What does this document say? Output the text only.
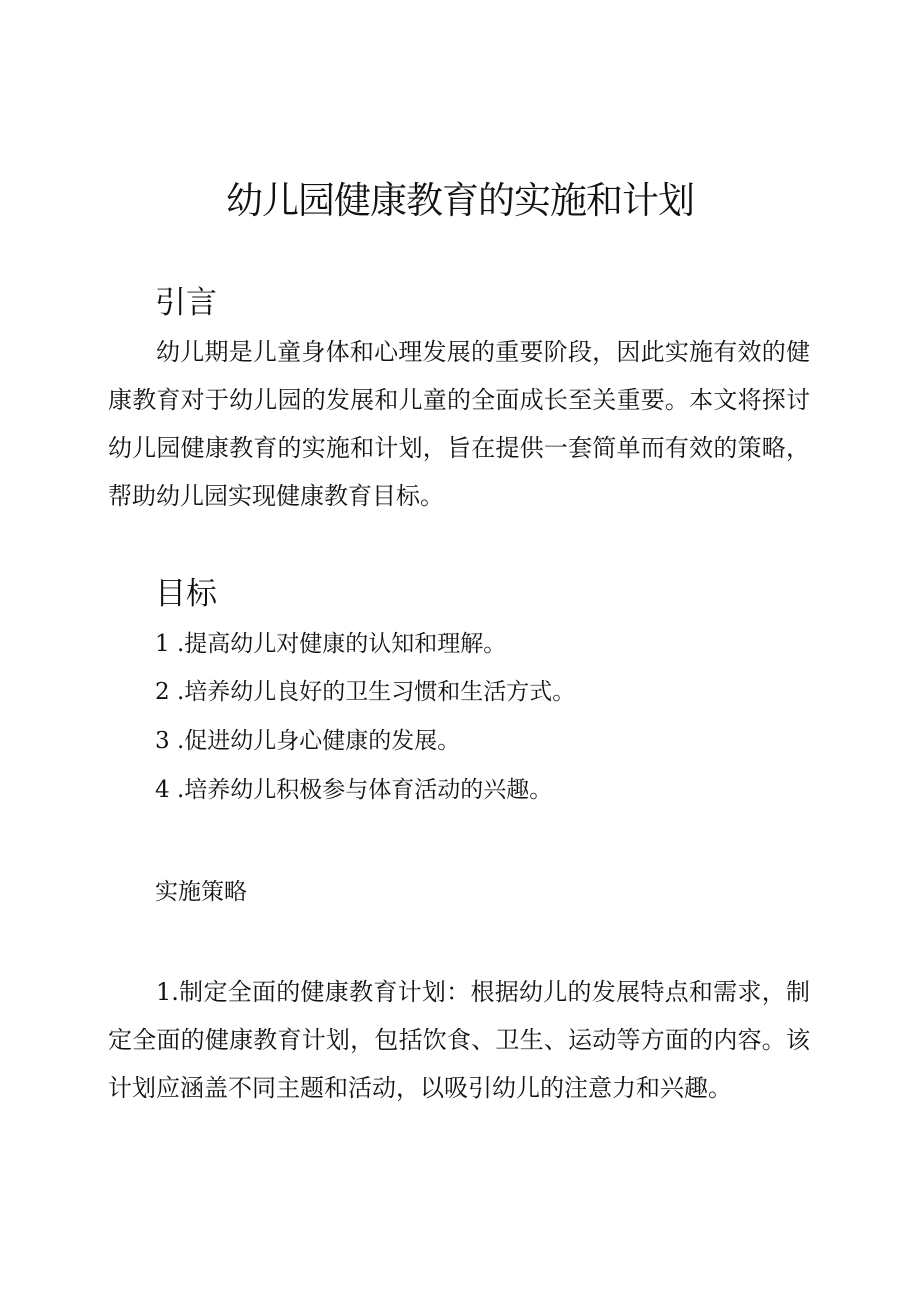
幼儿园健康教育的实施和计划
引言

幼儿期是儿童身体和心理发展的重要阶段，因此实施有效的健康教育对于幼儿园的发展和儿童的全面成长至关重要。本文将探讨幼儿园健康教育的实施和计划，旨在提供一套简单而有效的策略，帮助幼儿园实现健康教育目标。

目标

1 .提高幼儿对健康的认知和理解。

2 .培养幼儿良好的卫生习惯和生活方式。

3 .促进幼儿身心健康的发展。

4 .培养幼儿积极参与体育活动的兴趣。

实施策略

1.制定全面的健康教育计划：根据幼儿的发展特点和需求，制定全面的健康教育计划，包括饮食、卫生、运动等方面的内容。该计划应涵盖不同主题和活动，以吸引幼儿的注意力和兴趣。
